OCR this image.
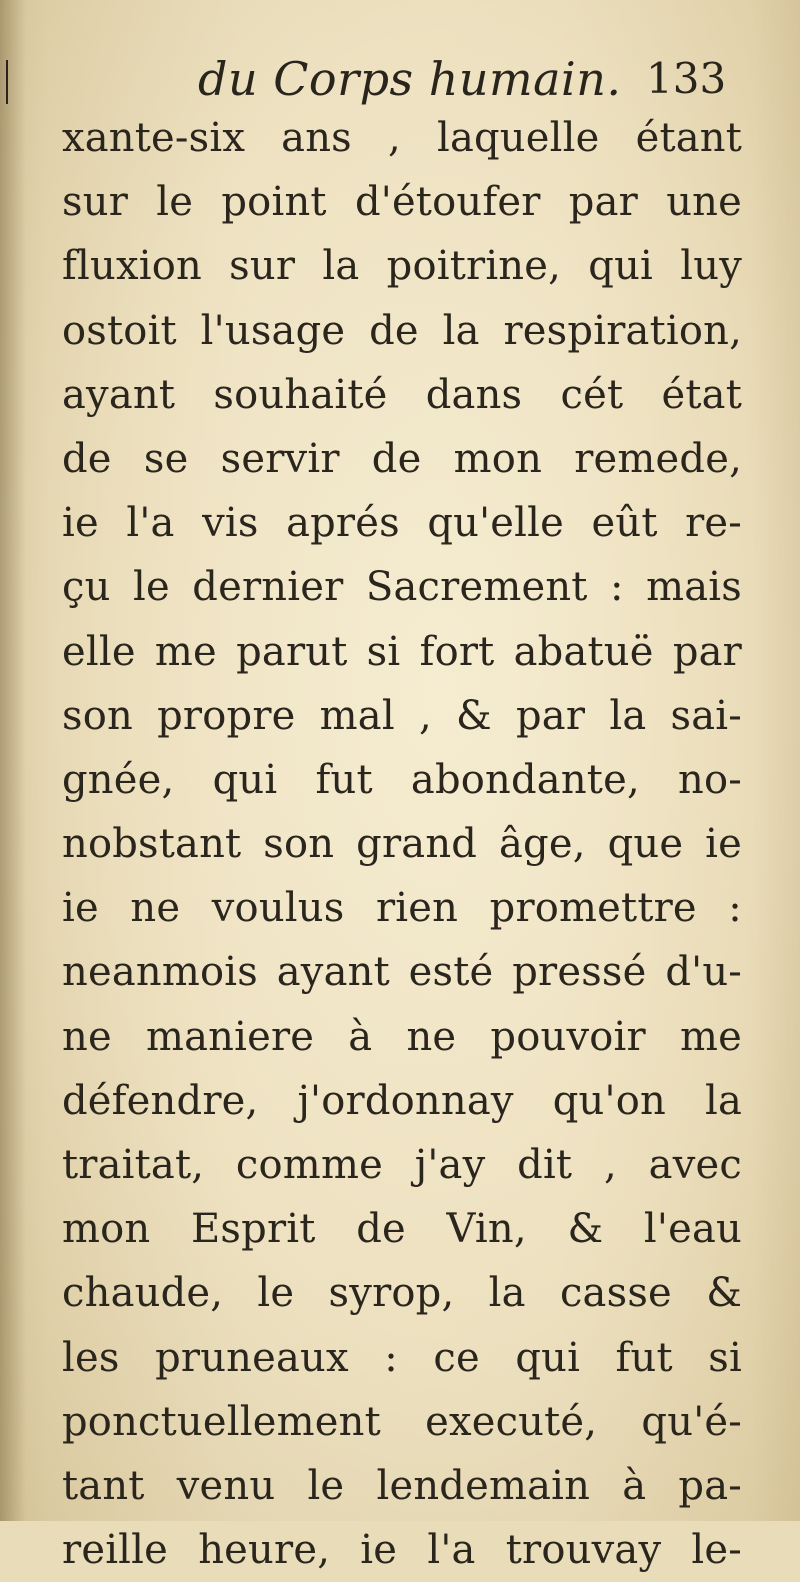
du Corps humain. 133
xante-six ans , laquelle étant
sur le point d'étoufer par une
fluxion sur la poitrine, qui luy
ostoit l'usage de la respiration,
ayant souhaité dans cét état
de se servir de mon remede,
ie l'a vis aprés qu'elle eût re-
çu le dernier Sacrement : mais
elle me parut si fort abatuë par
son propre mal , & par la sai-
gnée, qui fut abondante, no-
nobstant son grand âge, que ie
ie ne voulus rien promettre :
neanmois ayant esté pressé d'u-
ne maniere à ne pouvoir me
défendre, j'ordonnay qu'on la
traitat, comme j'ay dit , avec
mon Esprit de Vin, & l'eau
chaude, le syrop, la casse &
les pruneaux : ce qui fut si
ponctuellement executé, qu'é-
tant venu le lendemain à pa-
reille heure, ie l'a trouvay le-
